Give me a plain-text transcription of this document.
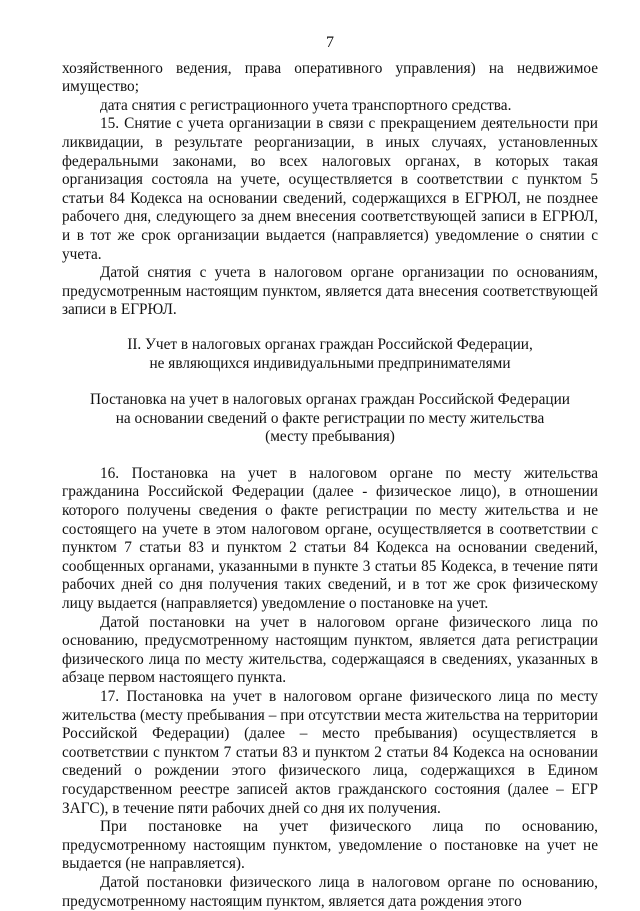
7

хозяйственного ведения, права оперативного управления) на недвижимое имущество;

дата снятия с регистрационного учета транспортного средства.

15. Снятие с учета организации в связи с прекращением деятельности при ликвидации, в результате реорганизации, в иных случаях, установленных федеральными законами, во всех налоговых органах, в которых такая организация состояла на учете, осуществляется в соответствии с пунктом 5 статьи 84 Кодекса на основании сведений, содержащихся в ЕГРЮЛ, не позднее рабочего дня, следующего за днем внесения соответствующей записи в ЕГРЮЛ, и в тот же срок организации выдается (направляется) уведомление о снятии с учета.

Датой снятия с учета в налоговом органе организации по основаниям, предусмотренным настоящим пунктом, является дата внесения соответствующей записи в ЕГРЮЛ.

II. Учет в налоговых органах граждан Российской Федерации,
не являющихся индивидуальными предпринимателями
Постановка на учет в налоговых органах граждан Российской Федерации
на основании сведений о факте регистрации по месту жительства
(месту пребывания)

16. Постановка на учет в налоговом органе по месту жительства гражданина Российской Федерации (далее - физическое лицо), в отношении которого получены сведения о факте регистрации по месту жительства и не состоящего на учете в этом налоговом органе, осуществляется в соответствии с пунктом 7 статьи 83 и пунктом 2 статьи 84 Кодекса на основании сведений, сообщенных органами, указанными в пункте 3 статьи 85 Кодекса, в течение пяти рабочих дней со дня получения таких сведений, и в тот же срок физическому лицу выдается (направляется) уведомление о постановке на учет.

Датой постановки на учет в налоговом органе физического лица по основанию, предусмотренному настоящим пунктом, является дата регистрации физического лица по месту жительства, содержащаяся в сведениях, указанных в абзаце первом настоящего пункта.

17. Постановка на учет в налоговом органе физического лица по месту жительства (месту пребывания – при отсутствии места жительства на территории Российской Федерации) (далее – место пребывания) осуществляется в соответствии с пунктом 7 статьи 83 и пунктом 2 статьи 84 Кодекса на основании сведений о рождении этого физического лица, содержащихся в Едином государственном реестре записей актов гражданского состояния (далее – ЕГР ЗАГС), в течение пяти рабочих дней со дня их получения.

При постановке на учет физического лица по основанию, предусмотренному настоящим пунктом, уведомление о постановке на учет не выдается (не направляется).

Датой постановки физического лица в налоговом органе по основанию, предусмотренному настоящим пунктом, является дата рождения этого
